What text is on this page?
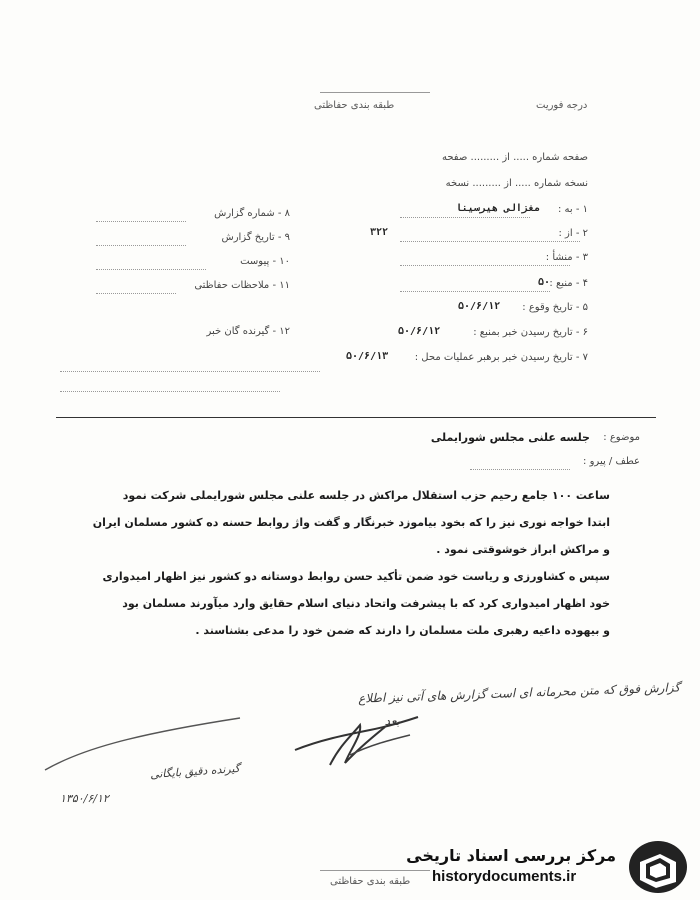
طبقه بندی حفاظتی	درجه فوریت
صفحه شماره ..... از ......... صفحه
نسخه شماره ..... از ......... نسخه
۱ - به :
مغزالی هیرسینا
۲ - از :
۳۲۲
۳ - منشأ :
۴ - منبع :
۵۰
۵ - تاریخ وقوع :
۵۰/۶/۱۲
۶ - تاریخ رسیدن خبر بمنبع :
۵۰/۶/۱۲
۷ - تاریخ رسیدن خبر برهبر عملیات محل :
۵۰/۶/۱۳
۸ - شماره گزارش
۹ - تاریخ گزارش
۱۰ - پیوست
۱۱ - ملاحظات حفاظتی
۱۲ - گیرنده گان خبر
موضوع :
جلسه علنی مجلس شورایملی
عطف / پیرو :
ساعت ۱۰۰ جامع رحیم حزب استقلال مراکش در جلسه علنی مجلس شورایملی شرکت نمود
ابتدا خواجه نوری نیز را که بخود بیاموزد خبرنگار و گفت واژ روابط حسنه ده کشور مسلمان ایران
و مراکش ابراز خوشوقتی نمود .
سپس ه کشاورزی و ریاست خود ضمن تأکید حسن روابط دوستانه دو کشور نیز اظهار امیدواری
خود اظهار امیدواری کرد که با پیشرفت واتحاد دنیای اسلام حقایق وارد میآورند مسلمان بود
و بیهوده داعیه رهبری ملت مسلمان را دارند که ضمن خود را مدعی بشناسند .
گزارش فوق که متن محرمانه ای است گزارش های آتی نیز اطلاع
بعد
گیرنده دقیق بایگانی
۱۳۵۰/۶/۱۲
طبقه بندی حفاظتی
مرکز بررسی اسناد تاریخی
historydocuments.ir
